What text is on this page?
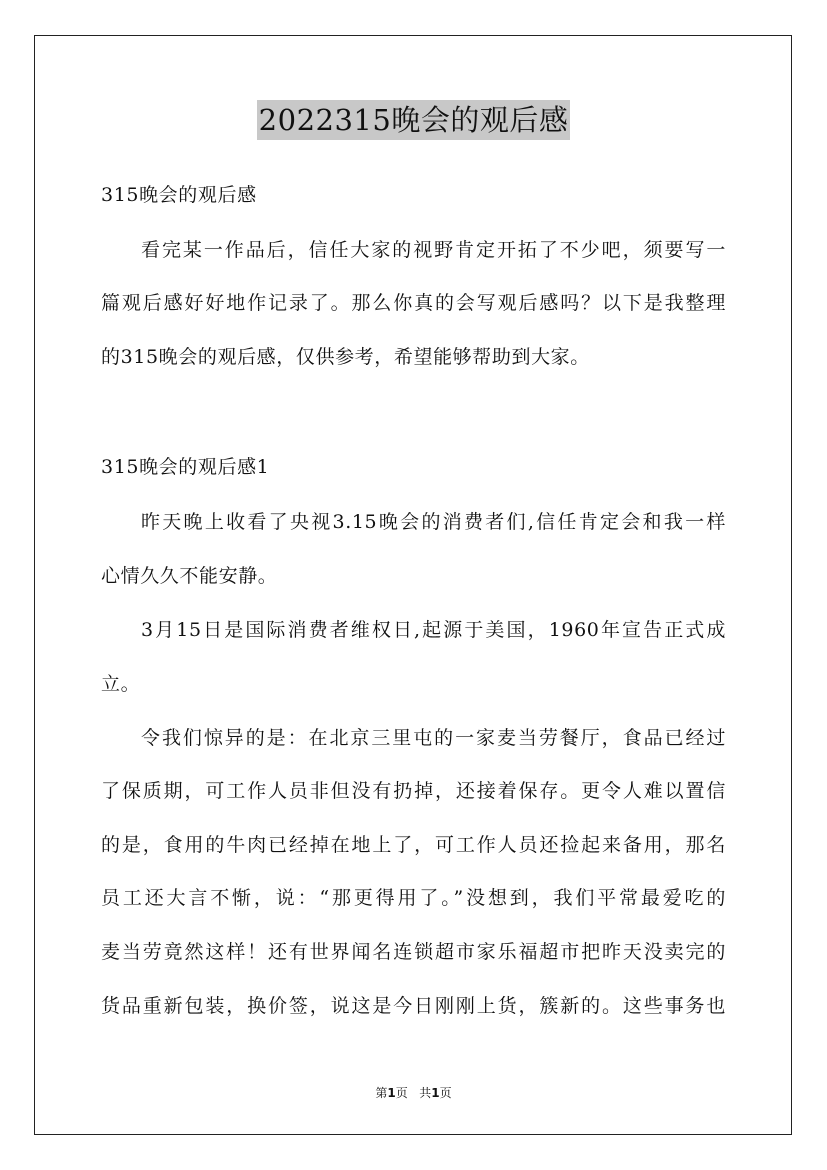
2022315晚会的观后感
315晚会的观后感
看完某一作品后，信任大家的视野肯定开拓了不少吧，须要写一
篇观后感好好地作记录了。那么你真的会写观后感吗？以下是我整理
的315晚会的观后感，仅供参考，希望能够帮助到大家。
315晚会的观后感1
昨天晚上收看了央视3.15晚会的消费者们,信任肯定会和我一样
心情久久不能安静。
3月15日是国际消费者维权日,起源于美国，1960年宣告正式成
立。
令我们惊异的是：在北京三里屯的一家麦当劳餐厅，食品已经过
了保质期，可工作人员非但没有扔掉，还接着保存。更令人难以置信
的是，食用的牛肉已经掉在地上了，可工作人员还捡起来备用，那名
员工还大言不惭，说：“那更得用了。”没想到，我们平常最爱吃的
麦当劳竟然这样！还有世界闻名连锁超市家乐福超市把昨天没卖完的
货品重新包装，换价签，说这是今日刚刚上货，簇新的。这些事务也
第1页 共1页
